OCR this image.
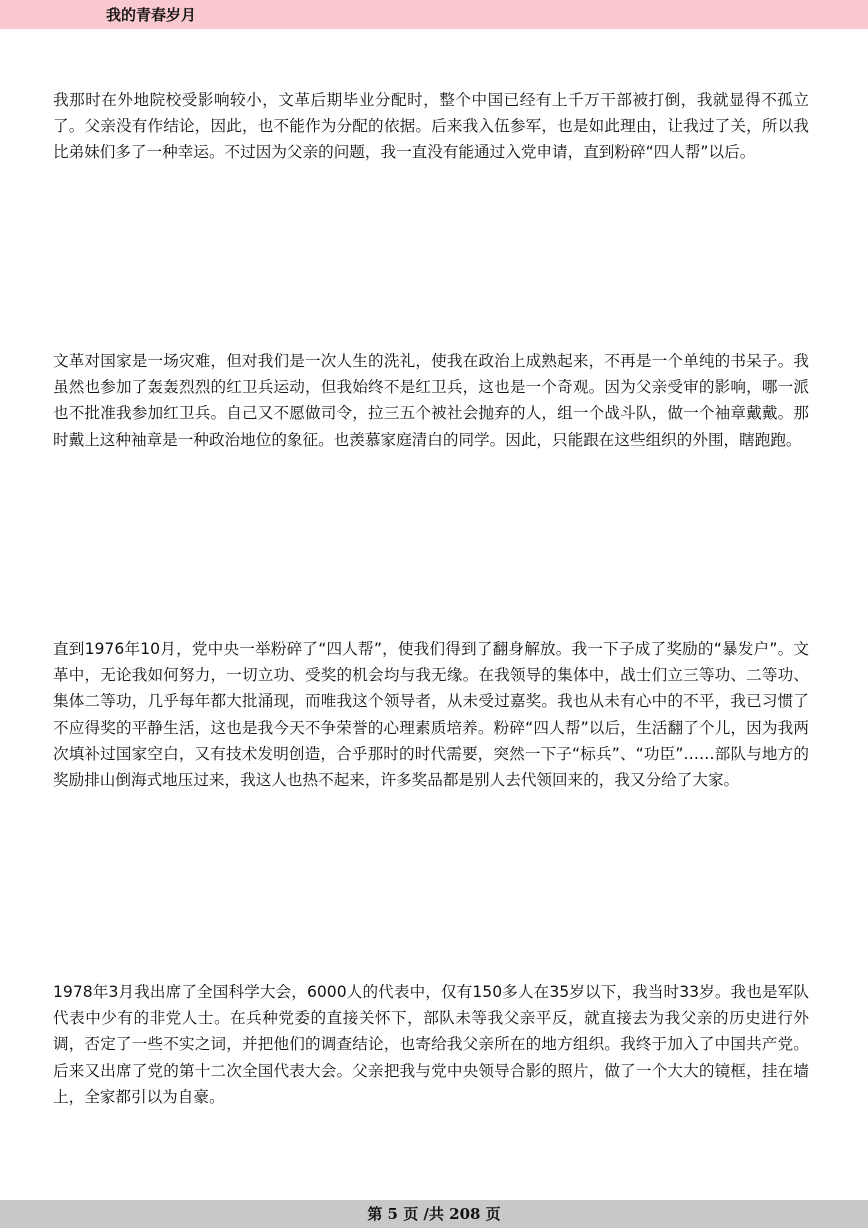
我的青春岁月

我那时在外地院校受影响较小，文革后期毕业分配时，整个中国已经有上千万干部被打倒，我就显得不孤立了。父亲没有作结论，因此，也不能作为分配的依据。后来我入伍参军，也是如此理由，让我过了关，所以我比弟妹们多了一种幸运。不过因为父亲的问题，我一直没有能通过入党申请，直到粉碎“四人帮”以后。

文革对国家是一场灾难，但对我们是一次人生的洗礼，使我在政治上成熟起来，不再是一个单纯的书呆子。我虽然也参加了轰轰烈烈的红卫兵运动，但我始终不是红卫兵，这也是一个奇观。因为父亲受审的影响，哪一派也不批准我参加红卫兵。自己又不愿做司令，拉三五个被社会抛弃的人，组一个战斗队，做一个袖章戴戴。那时戴上这种袖章是一种政治地位的象征。也羡慕家庭清白的同学。因此，只能跟在这些组织的外围，瞎跑跑。

直到1976年10月，党中央一举粉碎了“四人帮”，使我们得到了翻身解放。我一下子成了奖励的“暴发户”。文革中，无论我如何努力，一切立功、受奖的机会均与我无缘。在我领导的集体中，战士们立三等功、二等功、集体二等功，几乎每年都大批涌现，而唯我这个领导者，从未受过嘉奖。我也从未有心中的不平，我已习惯了不应得奖的平静生活，这也是我今天不争荣誉的心理素质培养。粉碎“四人帮”以后，生活翻了个儿，因为我两次填补过国家空白，又有技术发明创造，合乎那时的时代需要，突然一下子“标兵”、“功臣”……部队与地方的奖励排山倒海式地压过来，我这人也热不起来，许多奖品都是别人去代领回来的，我又分给了大家。

1978年3月我出席了全国科学大会，6000人的代表中，仅有150多人在35岁以下，我当时33岁。我也是军队代表中少有的非党人士。在兵种党委的直接关怀下，部队未等我父亲平反，就直接去为我父亲的历史进行外调，否定了一些不实之词，并把他们的调查结论，也寄给我父亲所在的地方组织。我终于加入了中国共产党。后来又出席了党的第十二次全国代表大会。父亲把我与党中央领导合影的照片，做了一个大大的镜框，挂在墙上，全家都引以为自豪。

第 5 页 /共 208 页
